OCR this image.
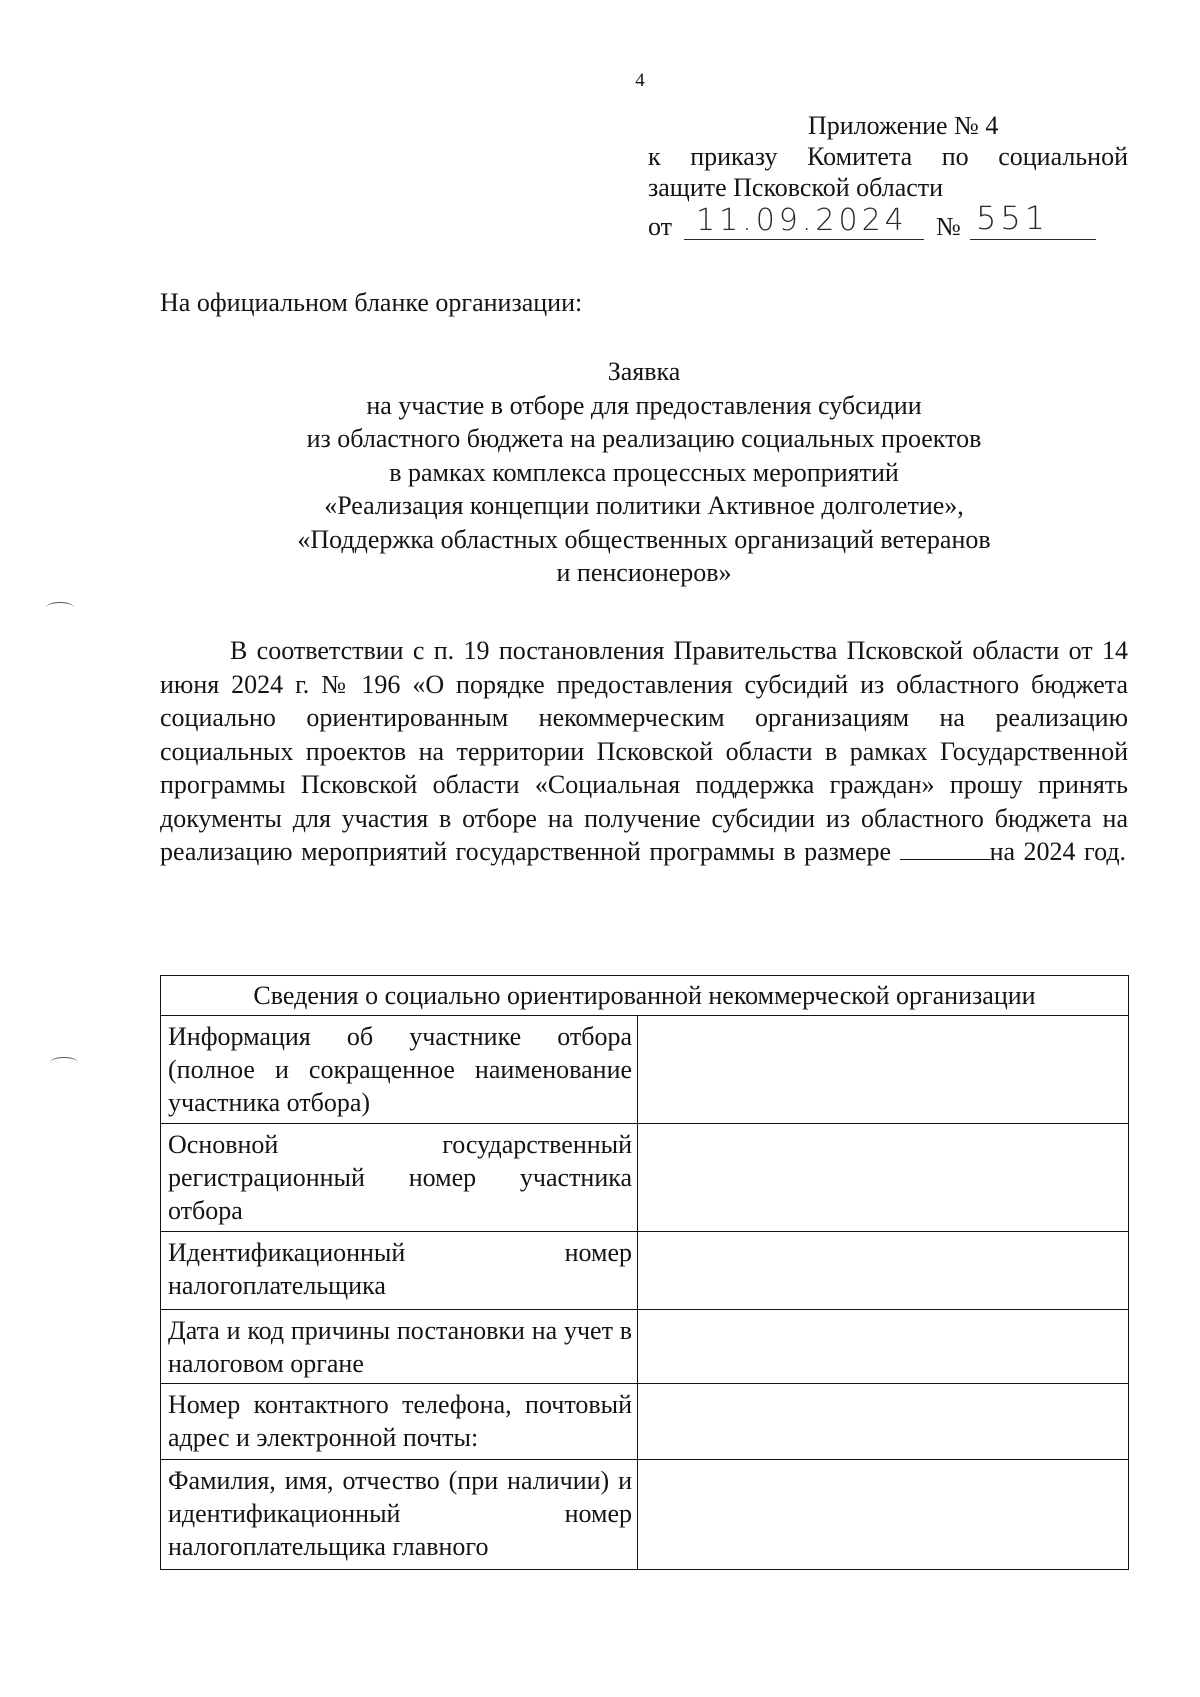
4
Приложение № 4
к приказу Комитета по социальной
защите Псковской области
от 11.09.2024 № 551
На официальном бланке организации:
Заявка
на участие в отборе для предоставления субсидии
из областного бюджета на реализацию социальных проектов
в рамках комплекса процессных мероприятий
«Реализация концепции политики Активное долголетие»,
«Поддержка областных общественных организаций ветеранов
и пенсионеров»
В соответствии с п. 19 постановления Правительства Псковской области от 14 июня 2024 г. № 196 «О порядке предоставления субсидий из областного бюджета социально ориентированным некоммерческим организациям на реализацию социальных проектов на территории Псковской области в рамках Государственной программы Псковской области «Социальная поддержка граждан» прошу принять документы для участия в отборе на получение субсидии из областного бюджета на реализацию мероприятий государственной программы в размере	на 2024 год.
Сведения о социально ориентированной некоммерческой организации	
Информация об участнике отбора (полное и сокращенное наименование участника отбора)	
Основной государственный регистрационный номер участника отбора	
Идентификационный номер налогоплательщика	
Дата и код причины постановки на учет в налоговом органе	
Номер контактного телефона, почтовый адрес и электронной почты:	

Фамилия, имя, отчество (при наличии) и идентификационный номер налогоплательщика главного	
